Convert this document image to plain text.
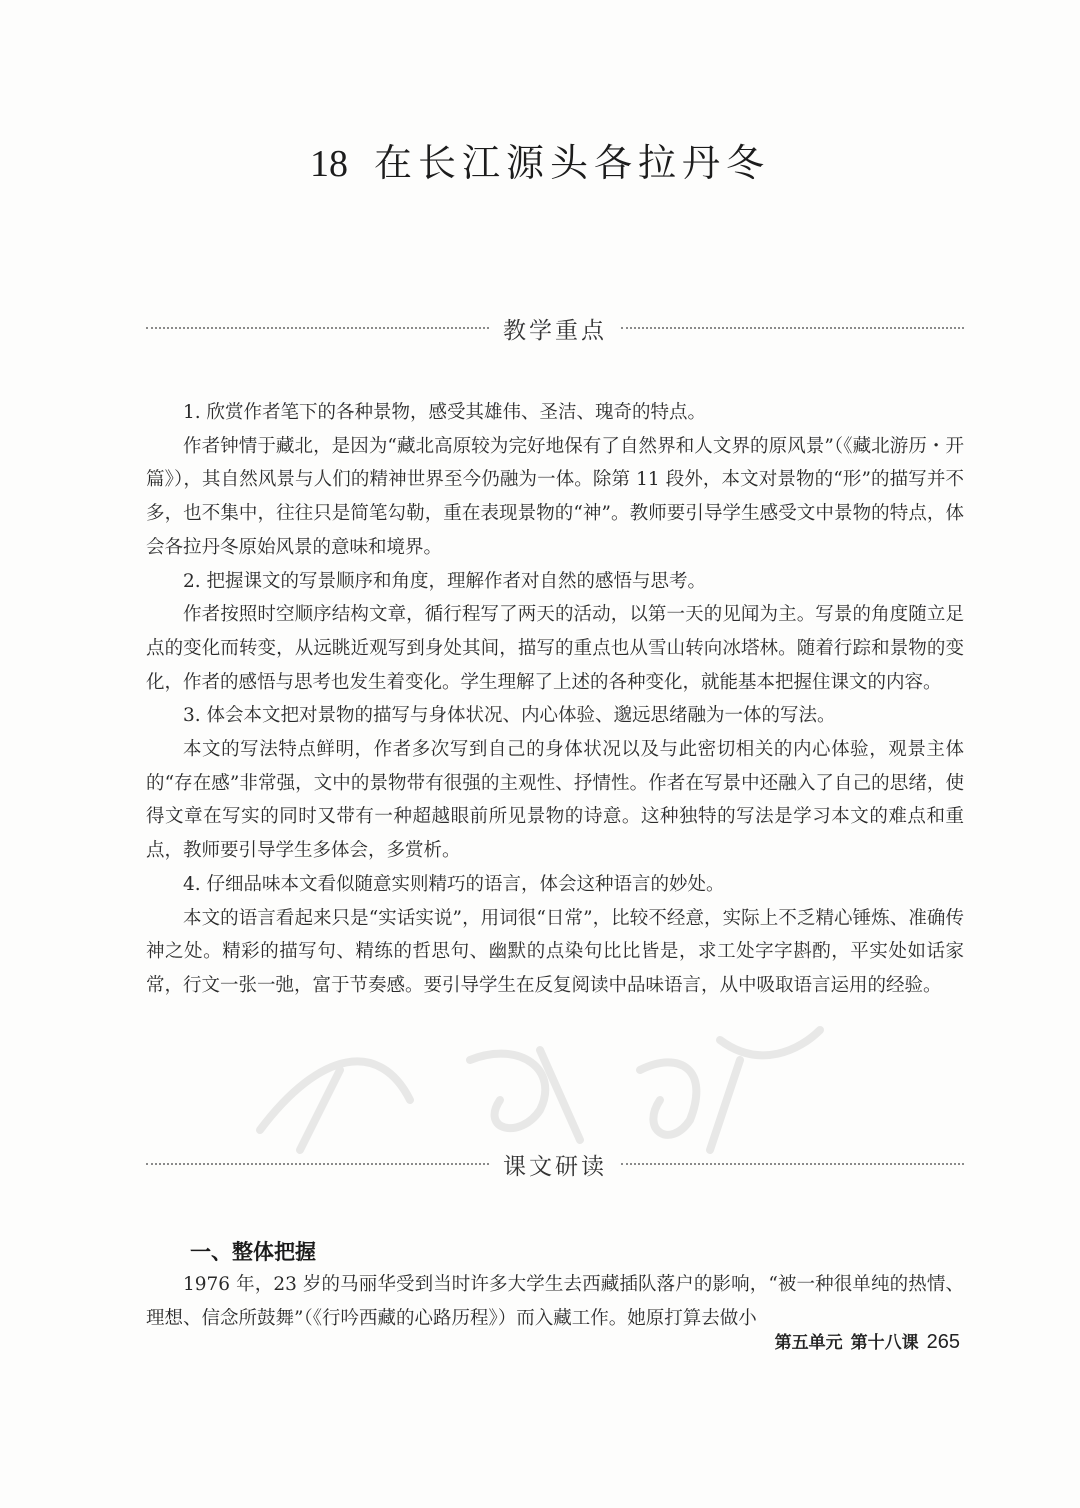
18 在长江源头各拉丹冬
教学重点

1. 欣赏作者笔下的各种景物，感受其雄伟、圣洁、瑰奇的特点。

作者钟情于藏北，是因为“藏北高原较为完好地保有了自然界和人文界的原风景”（《藏北游历・开篇》），其自然风景与人们的精神世界至今仍融为一体。除第 11 段外，本文对景物的“形”的描写并不多，也不集中，往往只是简笔勾勒，重在表现景物的“神”。教师要引导学生感受文中景物的特点，体会各拉丹冬原始风景的意味和境界。

2. 把握课文的写景顺序和角度，理解作者对自然的感悟与思考。

作者按照时空顺序结构文章，循行程写了两天的活动，以第一天的见闻为主。写景的角度随立足点的变化而转变，从远眺近观写到身处其间，描写的重点也从雪山转向冰塔林。随着行踪和景物的变化，作者的感悟与思考也发生着变化。学生理解了上述的各种变化，就能基本把握住课文的内容。

3. 体会本文把对景物的描写与身体状况、内心体验、邈远思绪融为一体的写法。

本文的写法特点鲜明，作者多次写到自己的身体状况以及与此密切相关的内心体验，观景主体的“存在感”非常强，文中的景物带有很强的主观性、抒情性。作者在写景中还融入了自己的思绪，使得文章在写实的同时又带有一种超越眼前所见景物的诗意。这种独特的写法是学习本文的难点和重点，教师要引导学生多体会，多赏析。

4. 仔细品味本文看似随意实则精巧的语言，体会这种语言的妙处。

本文的语言看起来只是“实话实说”，用词很“日常”，比较不经意，实际上不乏精心锤炼、准确传神之处。精彩的描写句、精练的哲思句、幽默的点染句比比皆是，求工处字字斟酌，平实处如话家常，行文一张一弛，富于节奏感。要引导学生在反复阅读中品味语言，从中吸取语言运用的经验。

课文研读
一、整体把握

1976 年，23 岁的马丽华受到当时许多大学生去西藏插队落户的影响，“被一种很单纯的热情、理想、信念所鼓舞”（《行吟西藏的心路历程》）而入藏工作。她原打算去做小

第五单元 第十八课 265
